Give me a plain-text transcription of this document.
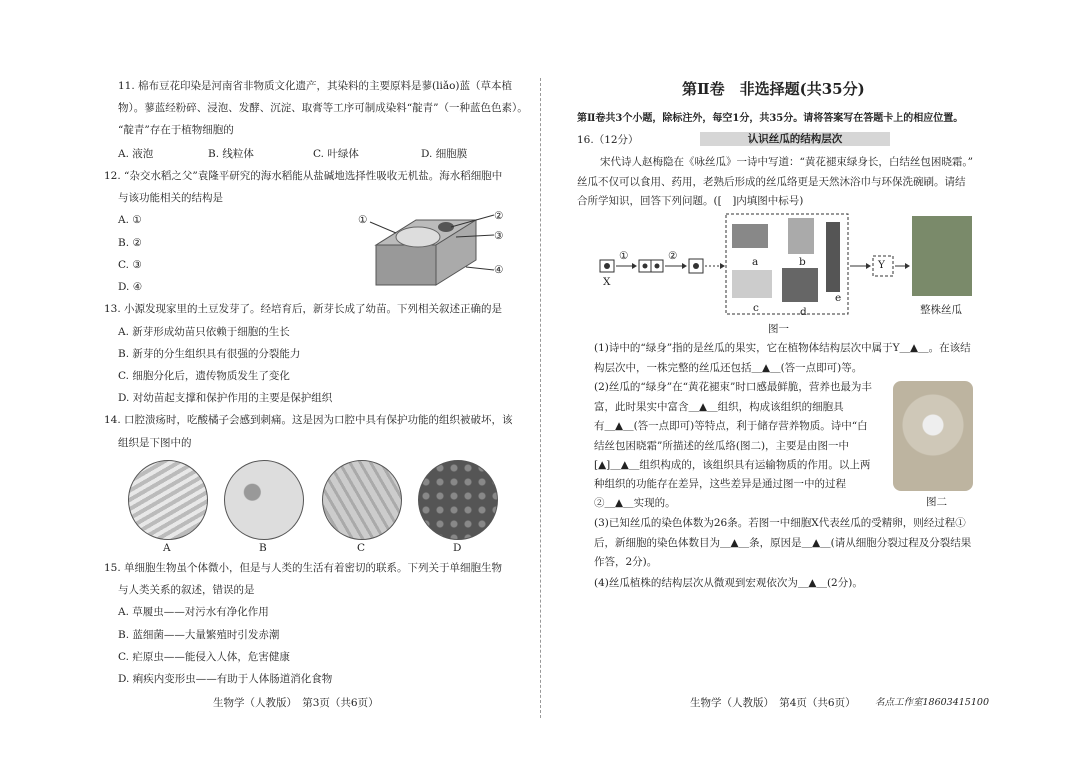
11. 棉布豆花印染是河南省非物质文化遗产，其染料的主要原料是蓼(liǎo)蓝（草本植
物）。蓼蓝经粉碎、浸泡、发酵、沉淀、取膏等工序可制成染料“靛青”（一种蓝色色素）。
“靛青”存在于植物细胞的
A. 液泡	B. 线粒体	C. 叶绿体	D. 细胞膜
12. “杂交水稻之父”袁隆平研究的海水稻能从盐碱地选择性吸收无机盐。海水稻细胞中
与该功能相关的结构是
A. ①
B. ②
C. ③
D. ④
①	②
③
④
13. 小源发现家里的土豆发芽了。经培育后，新芽长成了幼苗。下列相关叙述正确的是
A. 新芽形成幼苗只依赖于细胞的生长
B. 新芽的分生组织具有很强的分裂能力
C. 细胞分化后，遗传物质发生了变化
D. 对幼苗起支撑和保护作用的主要是保护组织
14. 口腔溃疡时，吃酸橘子会感到刺痛。这是因为口腔中具有保护功能的组织被破坏，该
组织是下图中的
A	B	C	D
15. 单细胞生物虽个体微小，但是与人类的生活有着密切的联系。下列关于单细胞生物
与人类关系的叙述，错误的是
A. 草履虫——对污水有净化作用
B. 蓝细菌——大量繁殖时引发赤潮
C. 疟原虫——能侵入人体，危害健康
D. 痢疾内变形虫——有助于人体肠道消化食物
生物学（人教版）　第3页（共6页）
第Ⅱ卷　非选择题(共35分)
第Ⅱ卷共3个小题，除标注外，每空1分，共35分。请将答案写在答题卡上的相应位置。
16.（12分）	认识丝瓜的结构层次
宋代诗人赵梅隐在《咏丝瓜》一诗中写道：“黄花褪束绿身长，白结丝包困晓霜。”
丝瓜不仅可以食用、药用，老熟后形成的丝瓜络更是天然沐浴巾与环保洗碗刷。请结
合所学知识，回答下列问题。([　]内填图中标号)
X
①	②
Y
a	b
c	d
e
整株丝瓜
图一
(1)诗中的“绿身”指的是丝瓜的果实，它在植物体结构层次中属于Y＿▲＿。在该结
构层次中，一株完整的丝瓜还包括＿▲＿(答一点即可)等。
(2)丝瓜的“绿身”在“黄花褪束”时口感最鲜脆，营养也最为丰
富，此时果实中富含＿▲＿组织，构成该组织的细胞具
有＿▲＿(答一点即可)等特点，利于储存营养物质。诗中“白
结丝包困晓霜”所描述的丝瓜络(图二)，主要是由图一中
[▲]＿▲＿组织构成的，该组织具有运输物质的作用。以上两
种组织的功能存在差异，这些差异是通过图一中的过程
②＿▲＿实现的。	图二
(3)已知丝瓜的染色体数为26条。若图一中细胞X代表丝瓜的受精卵，则经过程①
后，新细胞的染色体数目为＿▲＿条，原因是＿▲＿(请从细胞分裂过程及分裂结果
作答，2分)。
(4)丝瓜植株的结构层次从微观到宏观依次为＿▲＿(2分)。
生物学（人教版）　第4页（共6页） 名点工作室18603415100
